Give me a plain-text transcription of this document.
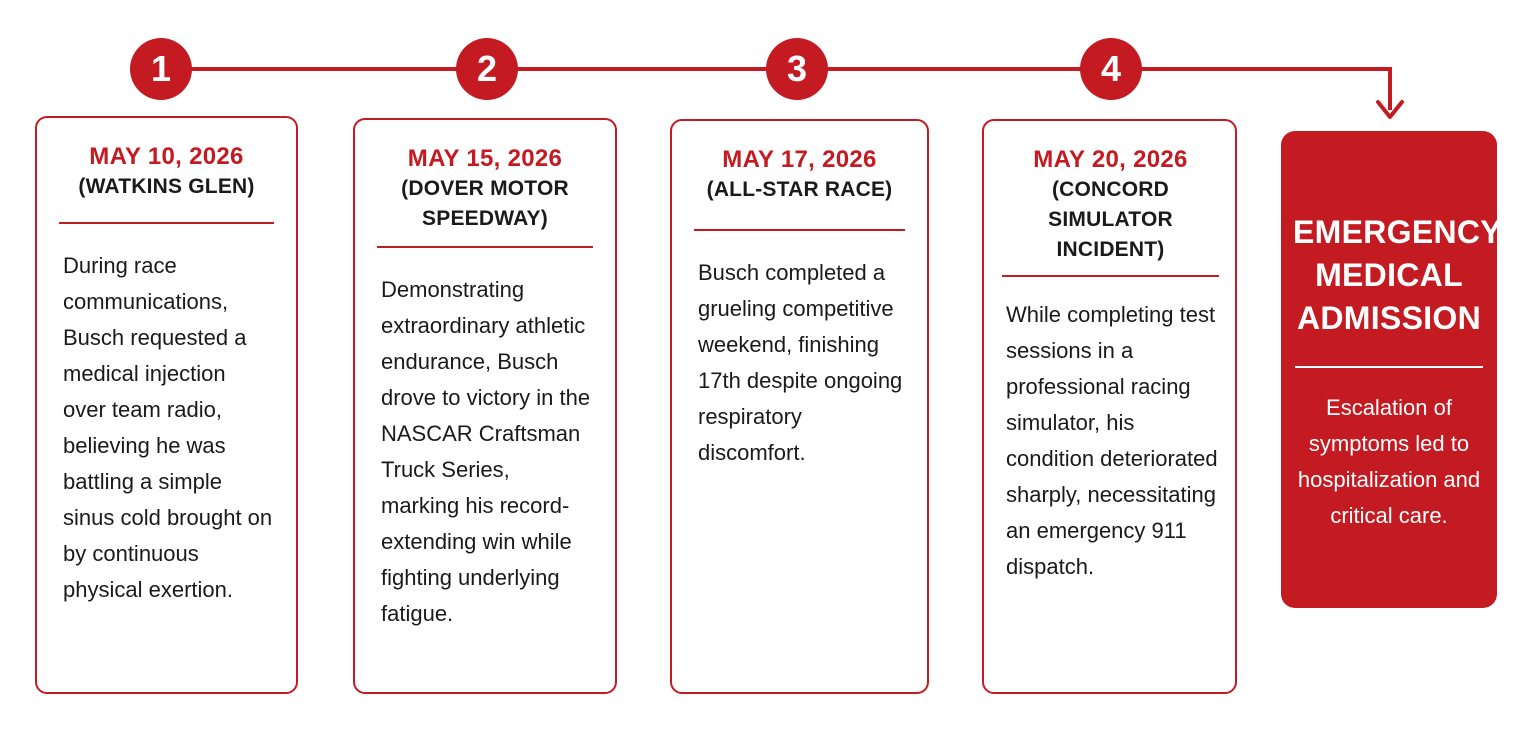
1	2	3	4
MAY 10, 2026
(WATKINS GLEN)
During race communications, Busch requested a medical injection over team radio, believing he was battling a simple sinus cold brought on by continuous physical exertion.
MAY 15, 2026
(DOVER MOTOR SPEEDWAY)
Demonstrating extraordinary athletic endurance, Busch drove to victory in the NASCAR Craftsman Truck Series, marking his record-extending win while fighting underlying fatigue.
MAY 17, 2026
(ALL-STAR RACE)
Busch completed a grueling competitive weekend, finishing 17th despite ongoing respiratory discomfort.
MAY 20, 2026
(CONCORD SIMULATOR INCIDENT)
While completing test sessions in a professional racing simulator, his condition deteriorated sharply, necessitating an emergency 911 dispatch.
EMERGENCY MEDICAL ADMISSION
Escalation of symptoms led to hospitalization and critical care.
